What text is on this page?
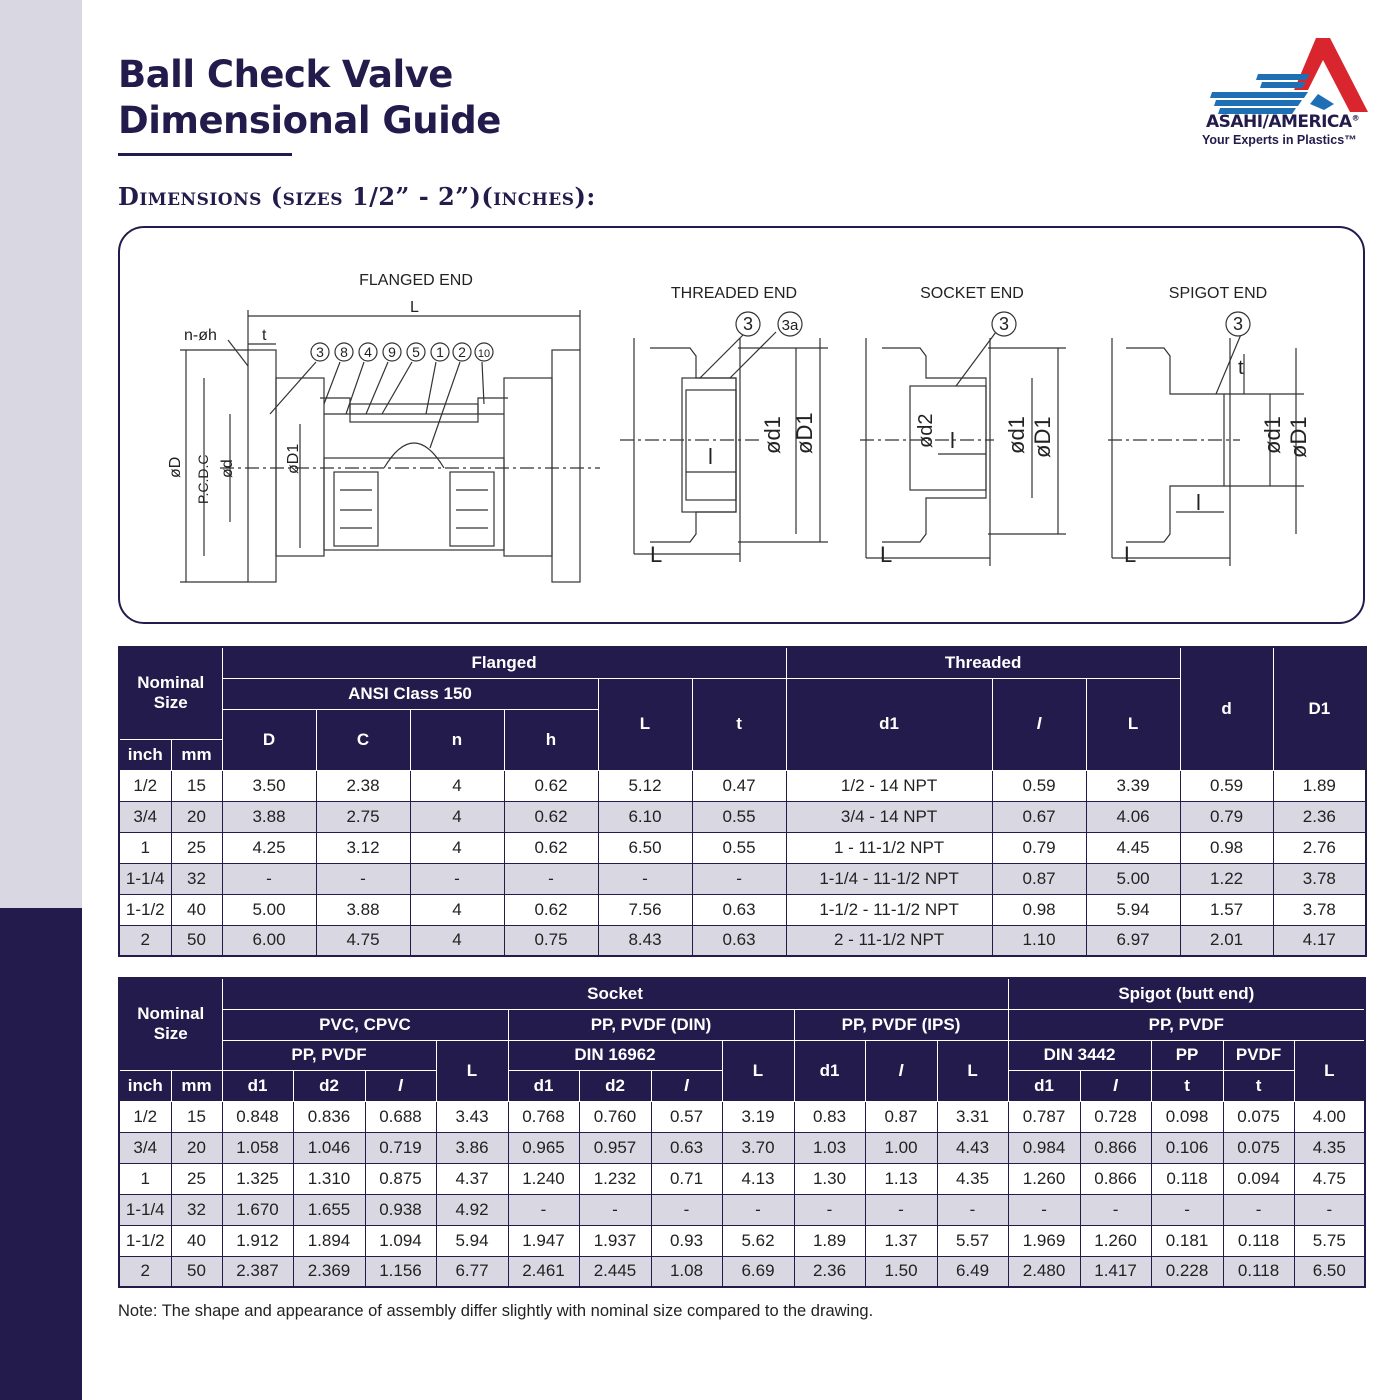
Ball Check Valve
Dimensional Guide	ASAHI/AMERICA®
Your Experts in Plastics™
Dimensions (sizes 1/2” - 2”)(inches):
3 8 4 9 5 1 2 10
3 3a	3	3
FLANGED END
THREADED END	SOCKET END	SPIGOT END
L
t
n-øh
øD P.C.D.C ød	øD1
L
l
ød1 øD1
L
l
ød2	ød1 øD1
L
l
t
ød1 øD1
Nominal Size		Flanged						Threaded			d	D1
		ANSI Class 150				L	t	d1	l	L		
		D	C	n	h							
inch	mm											
1/2	15	3.50	2.38	4	0.62	5.12	0.47	1/2 - 14 NPT	0.59	3.39	0.59	1.89
3/4	20	3.88	2.75	4	0.62	6.10	0.55	3/4 - 14 NPT	0.67	4.06	0.79	2.36
1	25	4.25	3.12	4	0.62	6.50	0.55	1 - 11-1/2 NPT	0.79	4.45	0.98	2.76
1-1/4	32	-	-	-	-	-	-	1-1/4 - 11-1/2 NPT	0.87	5.00	1.22	3.78
1-1/2	40	5.00	3.88	4	0.62	7.56	0.63	1-1/2 - 11-1/2 NPT	0.98	5.94	1.57	3.78
2	50	6.00	4.75	4	0.75	8.43	0.63	2 - 11-1/2 NPT	1.10	6.97	2.01	4.17
Nominal Size		Socket											Spigot (butt end)				
		PVC, CPVC				PP, PVDF (DIN)				PP, PVDF (IPS)			PP, PVDF				
		PP, PVDF			L	DIN 16962			L	d1	l	L	DIN 3442		PP	PVDF	L
inch	mm	d1	d2	l		d1	d2	l					d1	l	t	t	
1/2	15	0.848	0.836	0.688	3.43	0.768	0.760	0.57	3.19	0.83	0.87	3.31	0.787	0.728	0.098	0.075	4.00
3/4	20	1.058	1.046	0.719	3.86	0.965	0.957	0.63	3.70	1.03	1.00	4.43	0.984	0.866	0.106	0.075	4.35
1	25	1.325	1.310	0.875	4.37	1.240	1.232	0.71	4.13	1.30	1.13	4.35	1.260	0.866	0.118	0.094	4.75
1-1/4	32	1.670	1.655	0.938	4.92	-	-	-	-	-	-	-	-	-	-	-	-
1-1/2	40	1.912	1.894	1.094	5.94	1.947	1.937	0.93	5.62	1.89	1.37	5.57	1.969	1.260	0.181	0.118	5.75
2	50	2.387	2.369	1.156	6.77	2.461	2.445	1.08	6.69	2.36	1.50	6.49	2.480	1.417	0.228	0.118	6.50
Note: The shape and appearance of assembly differ slightly with nominal size compared to the drawing.
